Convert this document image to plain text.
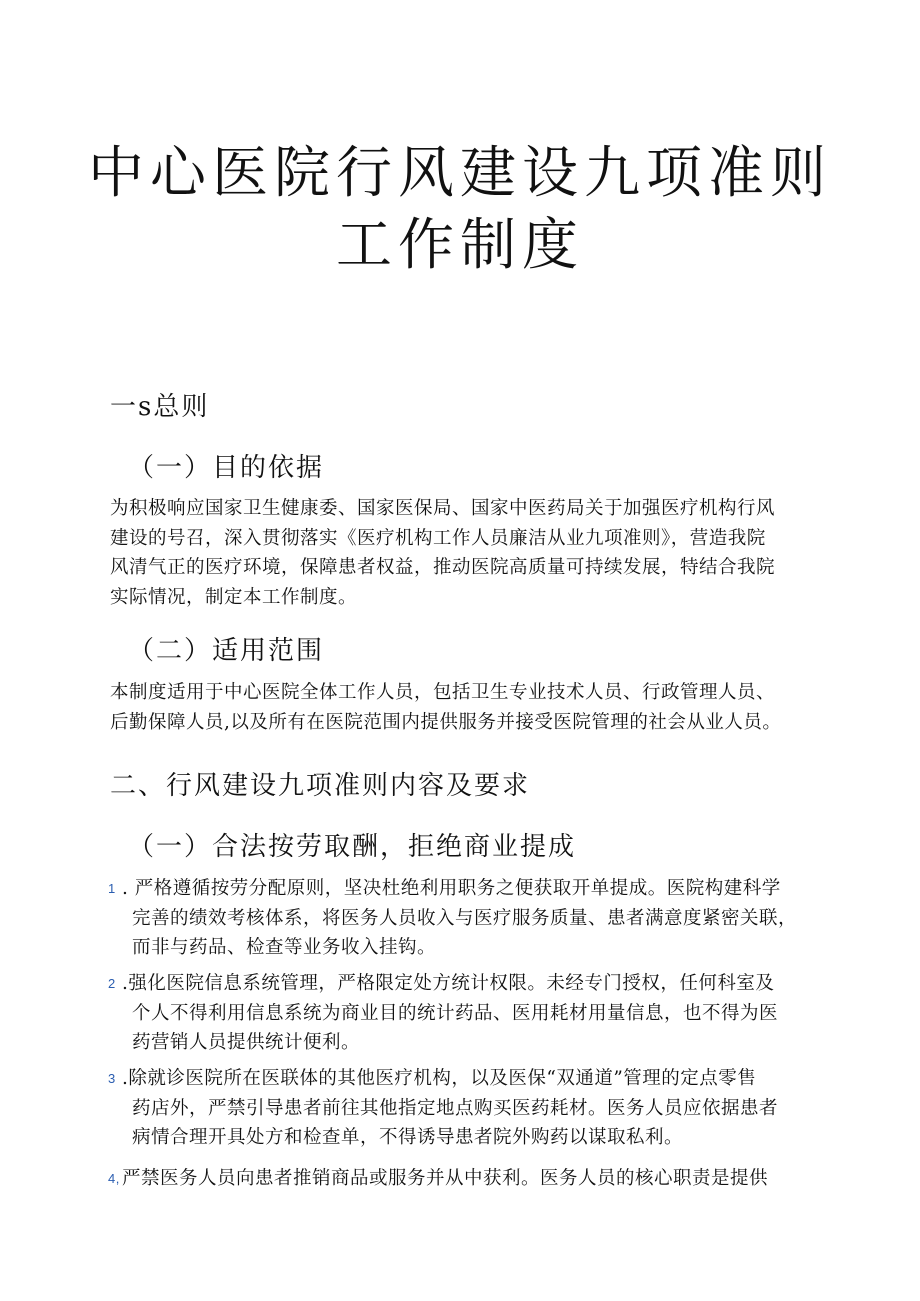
中心医院行风建设九项准则
工作制度
一s总则
（一）目的依据
为积极响应国家卫生健康委、国家医保局、国家中医药局关于加强医疗机构行风
建设的号召，深入贯彻落实《医疗机构工作人员廉洁从业九项准则》，营造我院
风清气正的医疗环境，保障患者权益，推动医院高质量可持续发展，特结合我院
实际情况，制定本工作制度。
（二）适用范围
本制度适用于中心医院全体工作人员，包括卫生专业技术人员、行政管理人员、
后勤保障人员,以及所有在医院范围内提供服务并接受医院管理的社会从业人员。
二、行风建设九项准则内容及要求
（一）合法按劳取酬，拒绝商业提成
1 . 严格遵循按劳分配原则，坚决杜绝利用职务之便获取开单提成。医院构建科学
完善的绩效考核体系，将医务人员收入与医疗服务质量、患者满意度紧密关联，
而非与药品、检查等业务收入挂钩。
2 .强化医院信息系统管理，严格限定处方统计权限。未经专门授权，任何科室及
个人不得利用信息系统为商业目的统计药品、医用耗材用量信息，也不得为医
药营销人员提供统计便利。
3 .除就诊医院所在医联体的其他医疗机构，以及医保“双通道”管理的定点零售
药店外，严禁引导患者前往其他指定地点购买医药耗材。医务人员应依据患者
病情合理开具处方和检查单，不得诱导患者院外购药以谋取私利。
4, 严禁医务人员向患者推销商品或服务并从中获利。医务人员的核心职责是提供
